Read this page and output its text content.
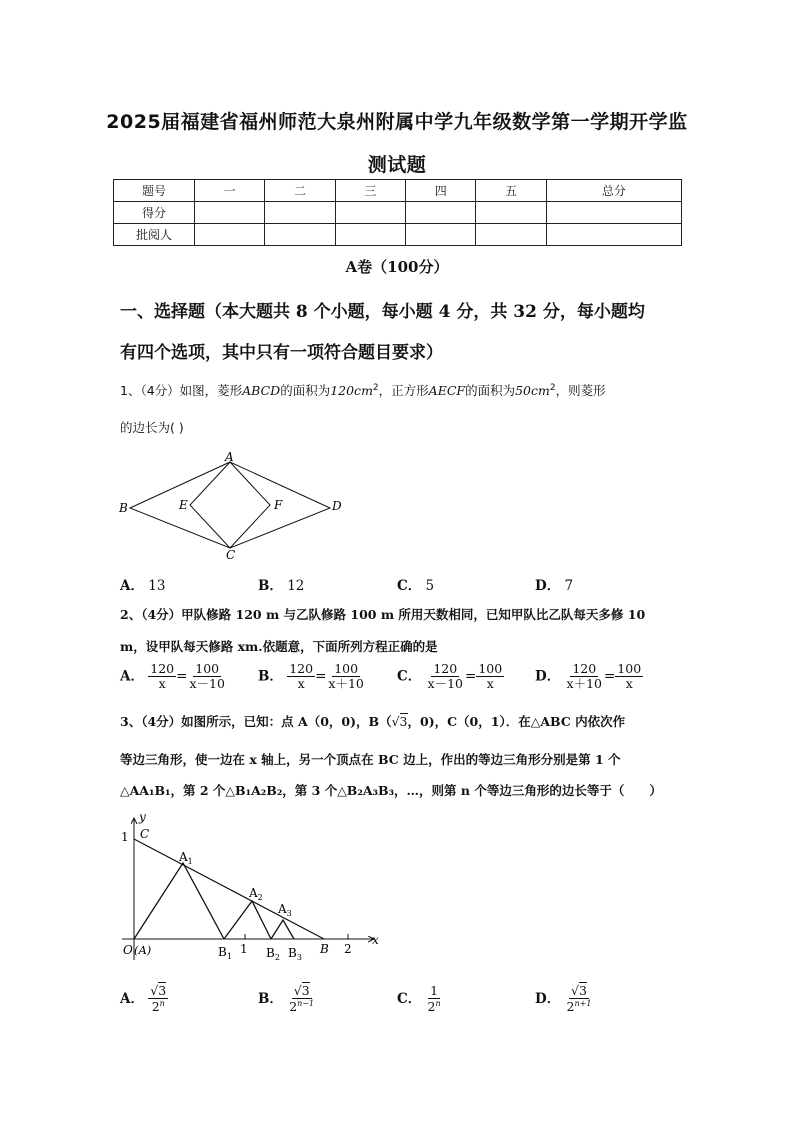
2025届福建省福州师范大泉州附属中学九年级数学第一学期开学监
测试题
题号	一	二	三	四	五	总分
得分						
批阅人						
A卷（100分）
一、选择题（本大题共 8 个小题，每小题 4 分，共 32 分，每小题均
有四个选项，其中只有一项符合题目要求）
1、（4分）如图，菱形ABCD的面积为$120cm^2$，正方形AECF的面积为$50cm^2$，则菱形
的边长为( )
A
B
C
D
E	F
A． 13	B． 12	C． 5	D． 7
2、（4分）甲队修路 120 m 与乙队修路 100 m 所用天数相同，已知甲队比乙队每天多修 10
m，设甲队每天修路 xm.依题意，下面所列方程正确的是
A． $\frac{120}{x} = \frac{100}{x-10}$ B． $\frac{120}{x} = \frac{100}{x+10}$ C． $\frac{120}{x-10} = \frac{100}{x}$ D． $\frac{120}{x+10} = \frac{100}{x}$
3、（4分）如图所示，已知：点 A（0，0)，B（√3，0)，C（0，1）．在△ABC 内依次作
等边三角形，使一边在 x 轴上，另一个顶点在 BC 边上，作出的等边三角形分别是第 1 个
△AA₁B₁，第 2 个△B₁A₂B₂，第 3 个△B₂A₃B₃，…，则第 n 个等边三角形的边长等于（　　）
y
x
1 C
O (A)
$A_1$
$A_2$
$A_3$
$B_1$	$B_2$ $B_3$
1	B 2
A． $\frac{√3}{2^n}$	B． $\frac{√3}{2^{n-1}}$	C． $\frac{1}{2^n}$	D． $\frac{√3}{2^{n+1}}$
